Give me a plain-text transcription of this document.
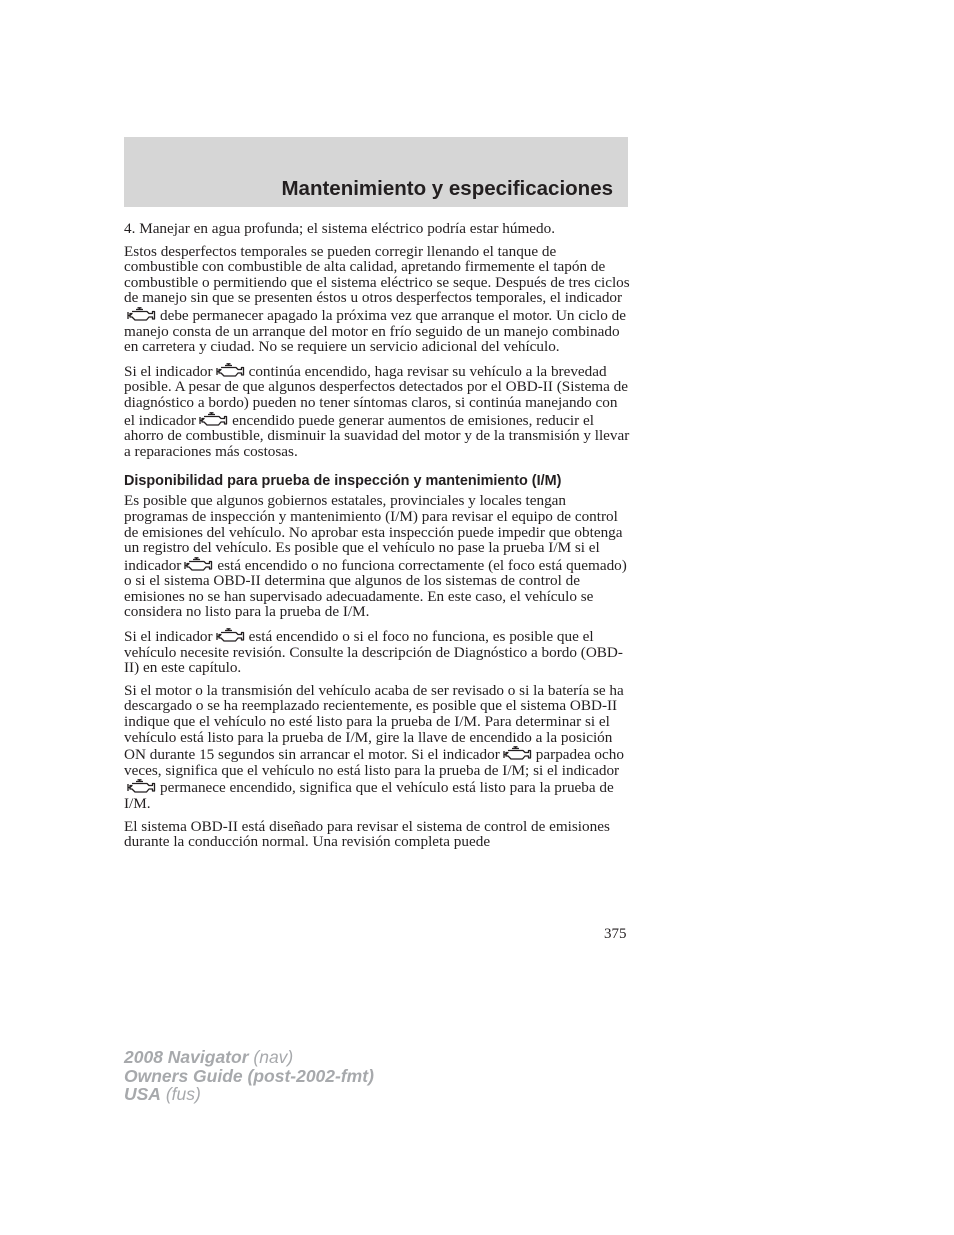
Mantenimiento y especificaciones

4. Manejar en agua profunda; el sistema eléctrico podría estar húmedo.

Estos desperfectos temporales se pueden corregir llenando el tanque de combustible con combustible de alta calidad, apretando firmemente el tapón de combustible o permitiendo que el sistema eléctrico se seque. Después de tres ciclos de manejo sin que se presenten éstos u otros desperfectos temporales, el indicador
debe permanecer apagado la próxima vez que arranque el motor. Un ciclo de manejo consta de un arranque del motor en frío seguido de un manejo combinado en carretera y ciudad. No se requiere un servicio adicional del vehículo.

Si el indicador continúa encendido, haga revisar su vehículo a la brevedad posible. A pesar de que algunos desperfectos detectados por el OBD-II (Sistema de diagnóstico a bordo) pueden no tener síntomas claros, si continúa manejando con el indicador encendido puede generar aumentos de emisiones, reducir el ahorro de combustible, disminuir la suavidad del motor y de la transmisión y llevar a reparaciones más costosas.

Disponibilidad para prueba de inspección y mantenimiento (I/M)

Es posible que algunos gobiernos estatales, provinciales y locales tengan programas de inspección y mantenimiento (I/M) para revisar el equipo de control de emisiones del vehículo. No aprobar esta inspección puede impedir que obtenga un registro del vehículo. Es posible que el vehículo no pase la prueba I/M si el indicador está encendido o no funciona correctamente (el foco está quemado) o si el sistema OBD-II determina que algunos de los sistemas de control de emisiones no se han supervisado adecuadamente. En este caso, el vehículo se considera no listo para la prueba de I/M.

Si el indicador está encendido o si el foco no funciona, es posible que el vehículo necesite revisión. Consulte la descripción de Diagnóstico a bordo (OBD-II) en este capítulo.

Si el motor o la transmisión del vehículo acaba de ser revisado o si la batería se ha descargado o se ha reemplazado recientemente, es posible que el sistema OBD-II indique que el vehículo no esté listo para la prueba de I/M. Para determinar si el vehículo está listo para la prueba de I/M, gire la llave de encendido a la posición ON durante 15 segundos sin arrancar el motor. Si el indicador parpadea ocho veces, significa que el vehículo no está listo para la prueba de I/M; si el indicador
permanece encendido, significa que el vehículo está listo para la prueba de I/M.

El sistema OBD-II está diseñado para revisar el sistema de control de emisiones durante la conducción normal. Una revisión completa puede

375
2008 Navigator (nav)
Owners Guide (post-2002-fmt)
USA (fus)
